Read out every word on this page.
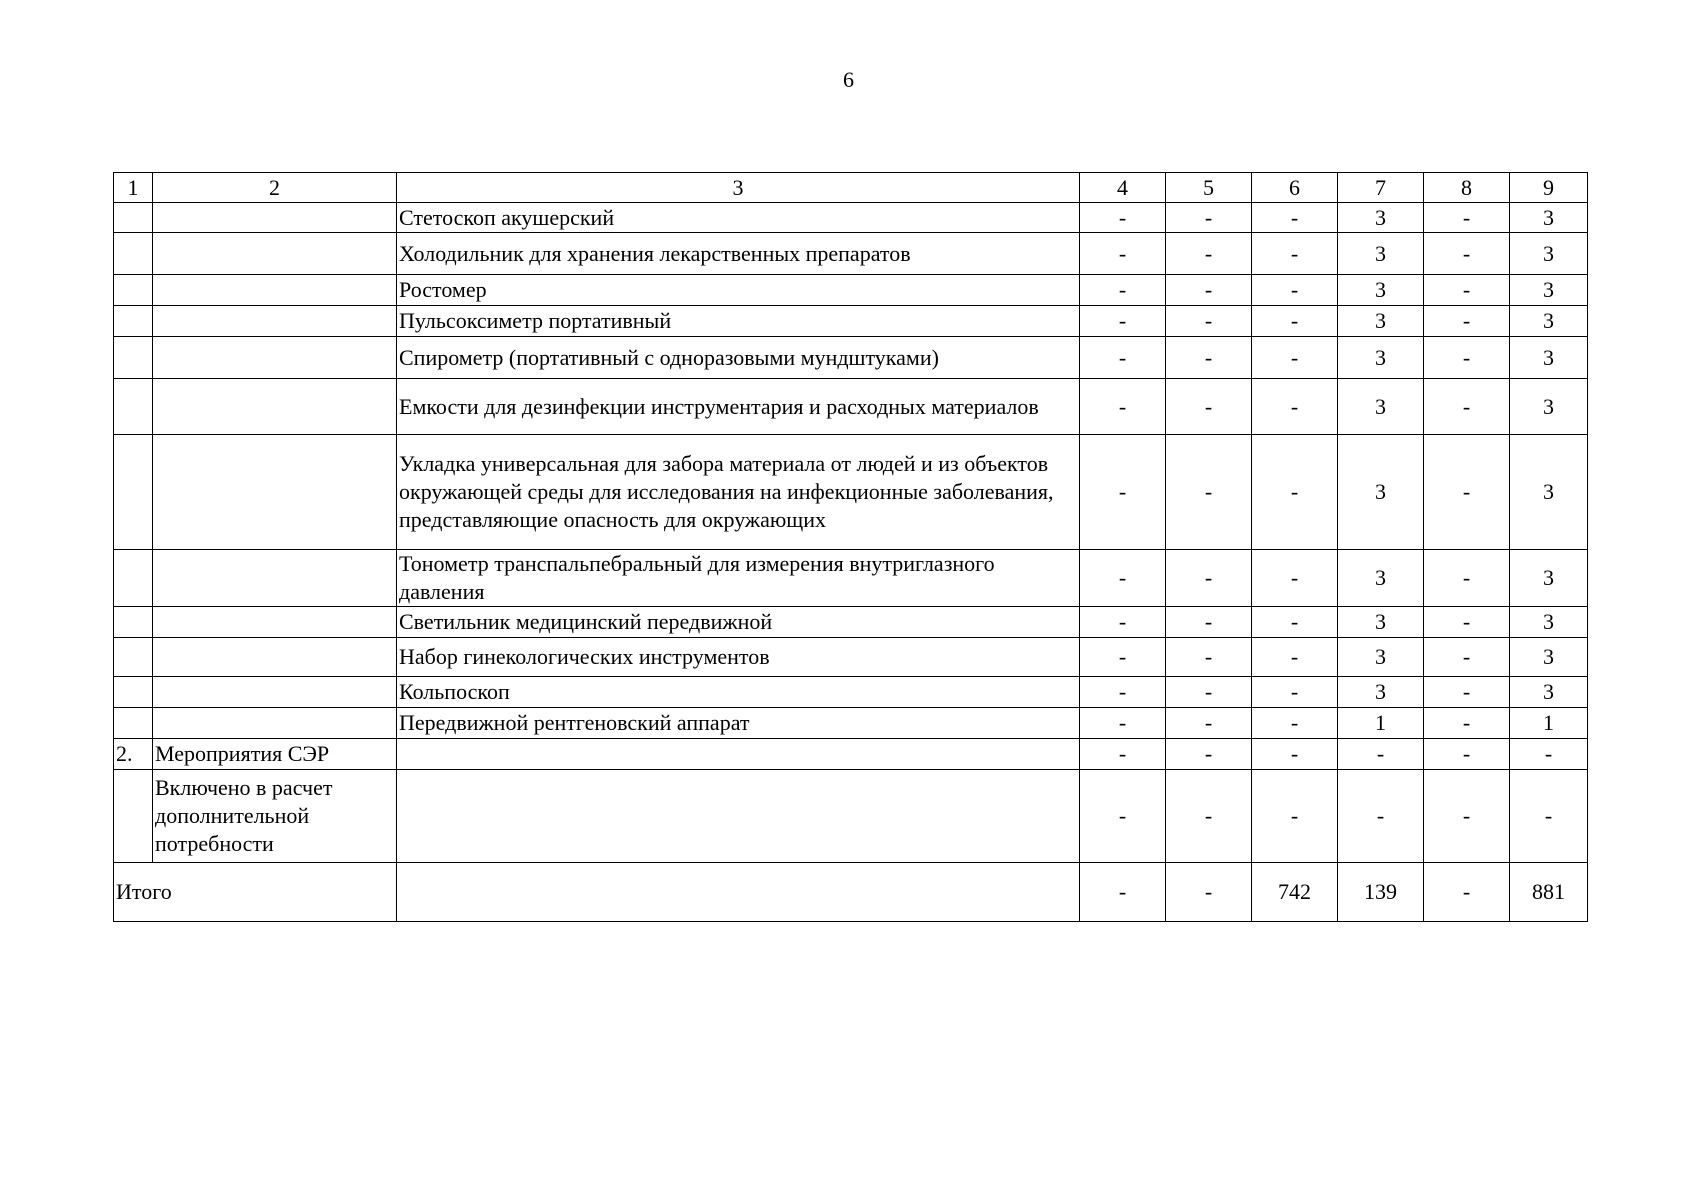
6
1	2	3	4	5	6	7	8	9
		Стетоскоп акушерский	-	-	-	3	-	3
		Холодильник для хранения лекарственных препаратов	-	-	-	3	-	3
		Ростомер	-	-	-	3	-	3
		Пульсоксиметр портативный	-	-	-	3	-	3
		Спирометр (портативный с одноразовыми мундштуками)	-	-	-	3	-	3
		Емкости для дезинфекции инструментария и расходных материалов	-	-	-	3	-	3
		Укладка универсальная для забора материала от людей и из объектов окружающей среды для исследования на инфекционные заболевания, представляющие опасность для окружающих	-	-	-	3	-	3
		Тонометр транспальпебральный для измерения внутриглазного давления	-	-	-	3	-	3
		Светильник медицинский передвижной	-	-	-	3	-	3
		Набор гинекологических инструментов	-	-	-	3	-	3
		Кольпоскоп	-	-	-	3	-	3
		Передвижной рентгеновский аппарат	-	-	-	1	-	1
2.	Мероприятия СЭР		-	-	-	-	-	-
	Включено в расчет дополнительной потребности		-	-	-	-	-	-
Итого			-	-	742	139	-	881
